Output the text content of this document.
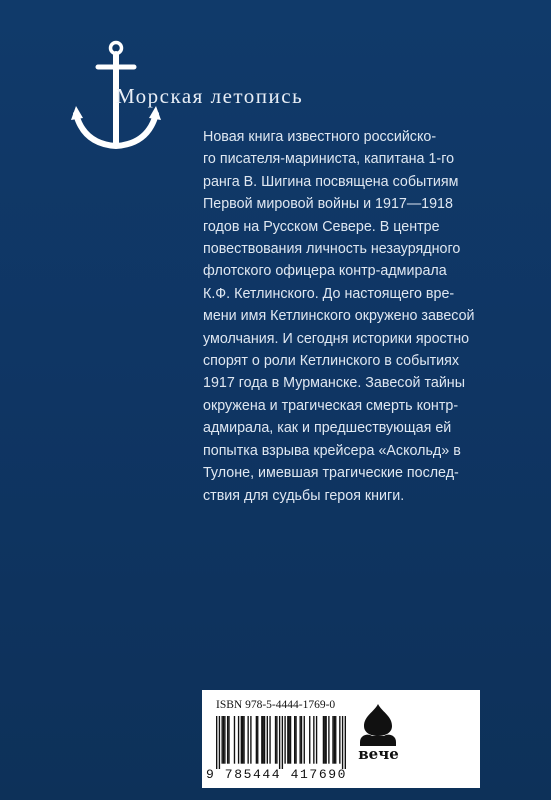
Морская летопись

Новая книга известного российско-
го писателя-мариниста, капитана 1-го
ранга В. Шигина посвящена событиям
Первой мировой войны и 1917—1918
годов на Русском Севере. В центре
повествования личность незаурядного
флотского офицера контр-адмирала
К.Ф. Кетлинского. До настоящего вре-
мени имя Кетлинского окружено завесой
умолчания. И сегодня историки яростно
спорят о роли Кетлинского в событиях
1917 года в Мурманске. Завесой тайны
окружена и трагическая смерть контр-
адмирала, как и предшествующая ей
попытка взрыва крейсера «Аскольд» в
Тулоне, имевшая трагические послед-
ствия для судьбы героя книги.

ISBN 978-5-4444-1769-0
9 785444 417690
вече
